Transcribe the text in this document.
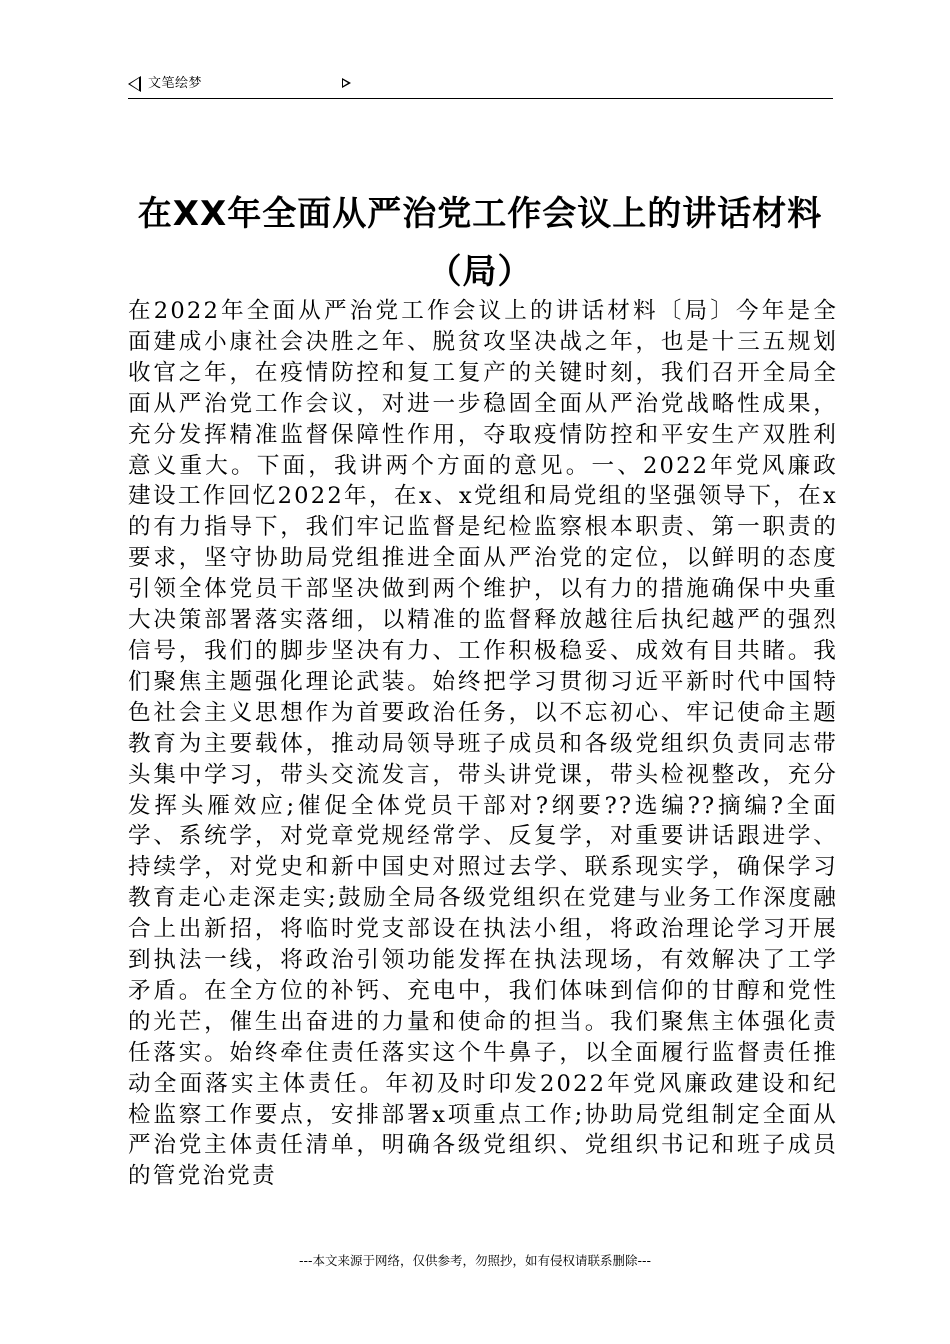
文笔绘梦
在XX年全面从严治党工作会议上的讲话材料（局）
在2022年全面从严治党工作会议上的讲话材料〔局〕今年是全面建成小康社会决胜之年、脱贫攻坚决战之年，也是十三五规划收官之年，在疫情防控和复工复产的关键时刻，我们召开全局全面从严治党工作会议，对进一步稳固全面从严治党战略性成果，充分发挥精准监督保障性作用，夺取疫情防控和平安生产双胜利意义重大。下面，我讲两个方面的意见。一、2022年党风廉政建设工作回忆2022年，在x、x党组和局党组的坚强领导下，在x的有力指导下，我们牢记监督是纪检监察根本职责、第一职责的要求，坚守协助局党组推进全面从严治党的定位，以鲜明的态度引领全体党员干部坚决做到两个维护，以有力的措施确保中央重大决策部署落实落细，以精准的监督释放越往后执纪越严的强烈信号，我们的脚步坚决有力、工作积极稳妥、成效有目共睹。我们聚焦主题强化理论武装。始终把学习贯彻习近平新时代中国特色社会主义思想作为首要政治任务，以不忘初心、牢记使命主题教育为主要载体，推动局领导班子成员和各级党组织负责同志带头集中学习，带头交流发言，带头讲党课，带头检视整改，充分发挥头雁效应;催促全体党员干部对?纲要??选编??摘编?全面学、系统学，对党章党规经常学、反复学，对重要讲话跟进学、持续学，对党史和新中国史对照过去学、联系现实学，确保学习教育走心走深走实;鼓励全局各级党组织在党建与业务工作深度融合上出新招，将临时党支部设在执法小组，将政治理论学习开展到执法一线，将政治引领功能发挥在执法现场，有效解决了工学矛盾。在全方位的补钙、充电中，我们体味到信仰的甘醇和党性的光芒，催生出奋进的力量和使命的担当。我们聚焦主体强化责任落实。始终牵住责任落实这个牛鼻子，以全面履行监督责任推动全面落实主体责任。年初及时印发2022年党风廉政建设和纪检监察工作要点，安排部署x项重点工作;协助局党组制定全面从严治党主体责任清单，明确各级党组织、党组织书记和班子成员的管党治党责
---本文来源于网络，仅供参考，勿照抄，如有侵权请联系删除---
